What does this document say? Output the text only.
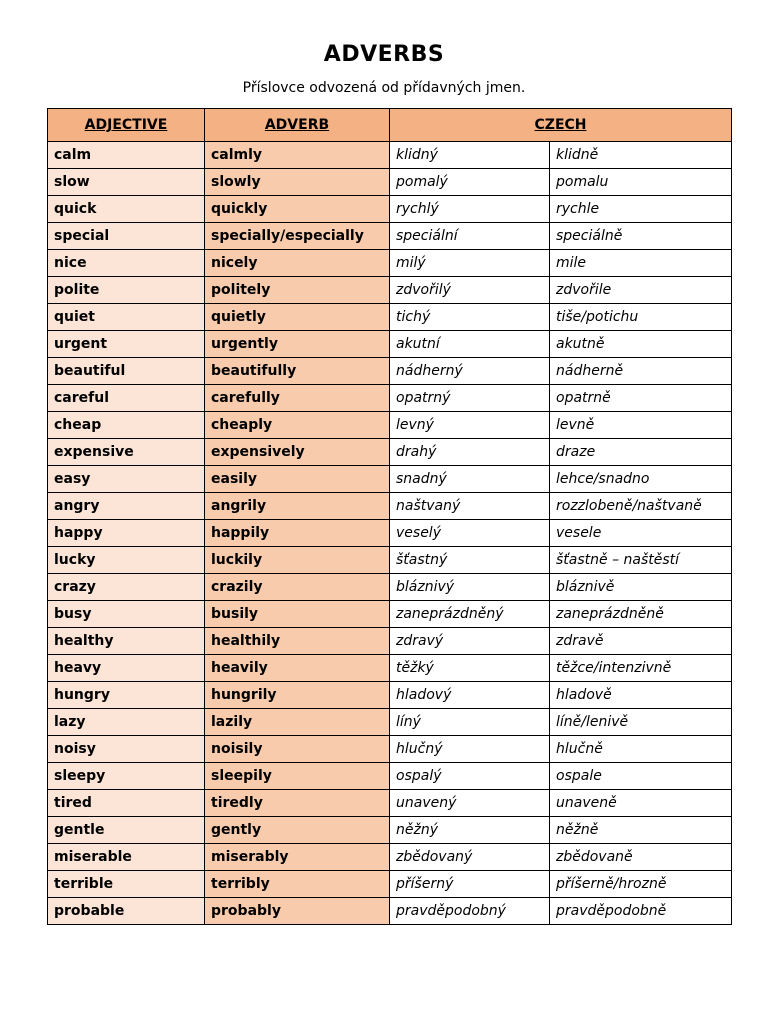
ADVERBS
Příslovce odvozená od přídavných jmen.
ADJECTIVE	ADVERB	CZECH	
calm	calmly	klidný	klidně
slow	slowly	pomalý	pomalu
quick	quickly	rychlý	rychle
special	specially/especially	speciální	speciálně
nice	nicely	milý	mile
polite	politely	zdvořilý	zdvořile
quiet	quietly	tichý	tiše/potichu
urgent	urgently	akutní	akutně
beautiful	beautifully	nádherný	nádherně
careful	carefully	opatrný	opatrně
cheap	cheaply	levný	levně
expensive	expensively	drahý	draze
easy	easily	snadný	lehce/snadno
angry	angrily	naštvaný	rozzlobeně/naštvaně
happy	happily	veselý	vesele
lucky	luckily	šťastný	šťastně – naštěstí
crazy	crazily	bláznivý	bláznivě
busy	busily	zaneprázdněný	zaneprázdněně
healthy	healthily	zdravý	zdravě
heavy	heavily	těžký	těžce/intenzivně
hungry	hungrily	hladový	hladově
lazy	lazily	líný	líně/lenivě
noisy	noisily	hlučný	hlučně
sleepy	sleepily	ospalý	ospale
tired	tiredly	unavený	unaveně
gentle	gently	něžný	něžně
miserable	miserably	zbědovaný	zbědovaně
terrible	terribly	příšerný	příšerně/hrozně
probable	probably	pravděpodobný	pravděpodobně
